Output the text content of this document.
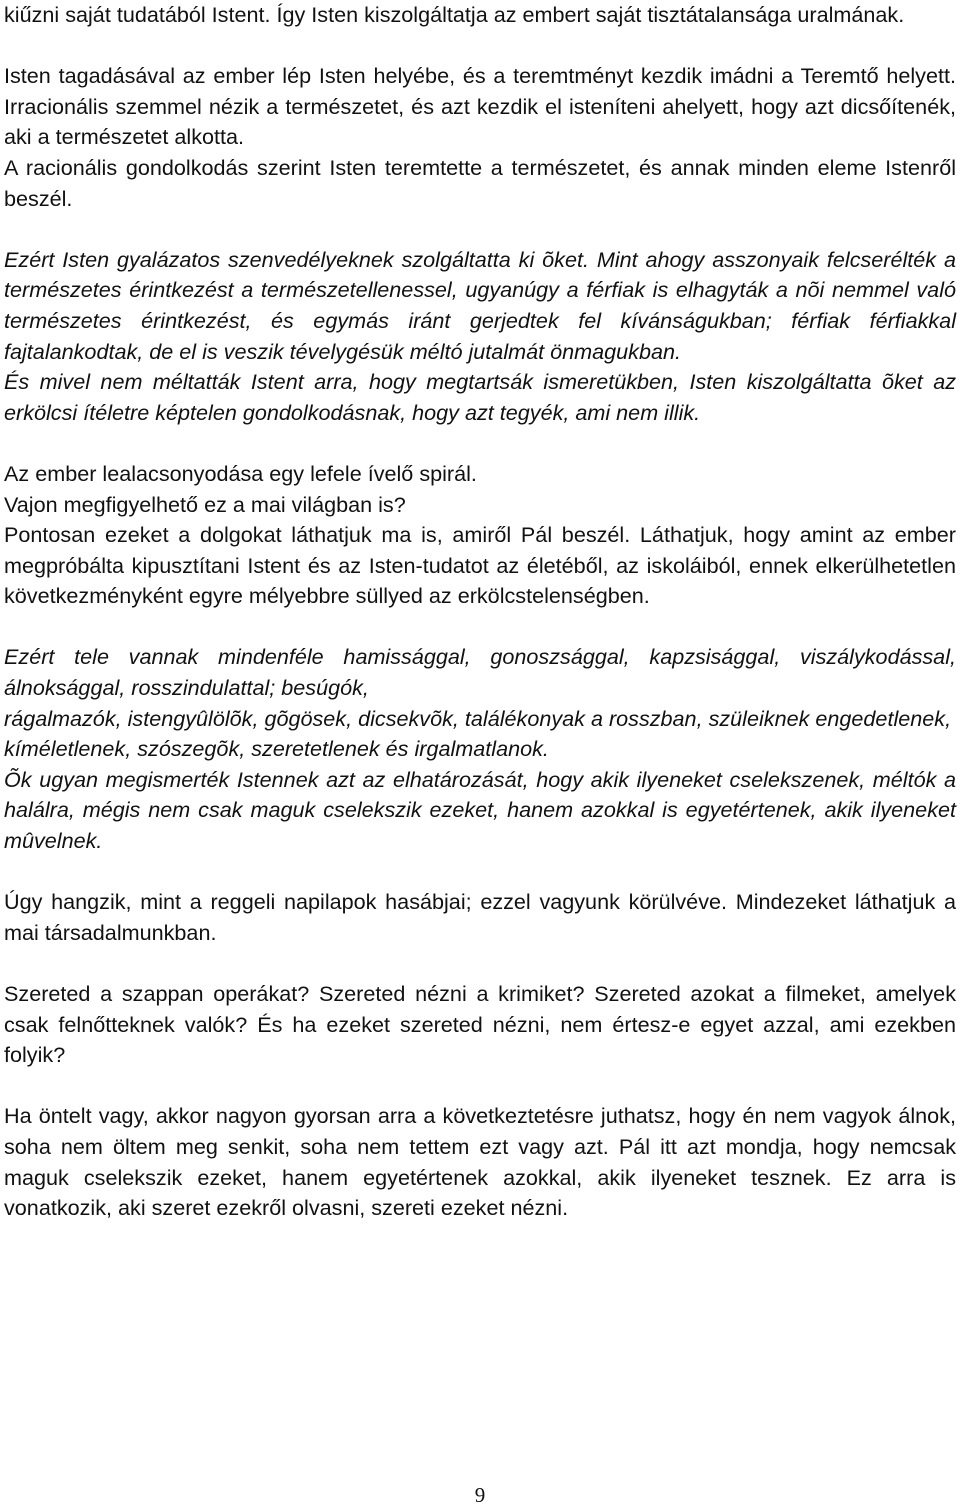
kiűzni saját tudatából Istent. Így Isten kiszolgáltatja az embert saját tisztátalansága uralmának.

Isten tagadásával az ember lép Isten helyébe, és a teremtményt kezdik imádni a Teremtő helyett. Irracionális szemmel nézik a természetet, és azt kezdik el isteníteni ahelyett, hogy azt dicsőítenék, aki a természetet alkotta.

A racionális gondolkodás szerint Isten teremtette a természetet, és annak minden eleme Istenről beszél.

Ezért Isten gyalázatos szenvedélyeknek szolgáltatta ki õket. Mint ahogy asszonyaik felcserélték a természetes érintkezést a természetellenessel, ugyanúgy a férfiak is elhagyták a nõi nemmel való természetes érintkezést, és egymás iránt gerjedtek fel kívánságukban; férfiak férfiakkal fajtalankodtak, de el is veszik tévelygésük méltó jutalmát önmagukban.

És mivel nem méltatták Istent arra, hogy megtartsák ismeretükben, Isten kiszolgáltatta õket az erkölcsi ítéletre képtelen gondolkodásnak, hogy azt tegyék, ami nem illik.

Az ember lealacsonyodása egy lefele ívelő spirál.

Vajon megfigyelhető ez a mai világban is?

Pontosan ezeket a dolgokat láthatjuk ma is, amiről Pál beszél. Láthatjuk, hogy amint az ember megpróbálta kipusztítani Istent és az Isten-tudatot az életéből, az iskoláiból, ennek elkerülhetetlen következményként egyre mélyebbre süllyed az erkölcstelenségben.

Ezért tele vannak mindenféle hamissággal, gonoszsággal, kapzsisággal, viszálykodással, álnoksággal, rosszindulattal; besúgók,

rágalmazók, istengyûlölõk, gõgösek, dicsekvõk, találékonyak a rosszban, szüleiknek engedetlenek,

kíméletlenek, szószegõk, szeretetlenek és irgalmatlanok.

Õk ugyan megismerték Istennek azt az elhatározását, hogy akik ilyeneket cselekszenek, méltók a halálra, mégis nem csak maguk cselekszik ezeket, hanem azokkal is egyetértenek, akik ilyeneket mûvelnek.

Úgy hangzik, mint a reggeli napilapok hasábjai; ezzel vagyunk körülvéve. Mindezeket láthatjuk a mai társadalmunkban.

Szereted a szappan operákat? Szereted nézni a krimiket? Szereted azokat a filmeket, amelyek csak felnőtteknek valók? És ha ezeket szereted nézni, nem értesz-e egyet azzal, ami ezekben folyik?

Ha öntelt vagy, akkor nagyon gyorsan arra a következtetésre juthatsz, hogy én nem vagyok álnok, soha nem öltem meg senkit, soha nem tettem ezt vagy azt. Pál itt azt mondja, hogy nemcsak maguk cselekszik ezeket, hanem egyetértenek azokkal, akik ilyeneket tesznek. Ez arra is vonatkozik, aki szeret ezekről olvasni, szereti ezeket nézni.

9
